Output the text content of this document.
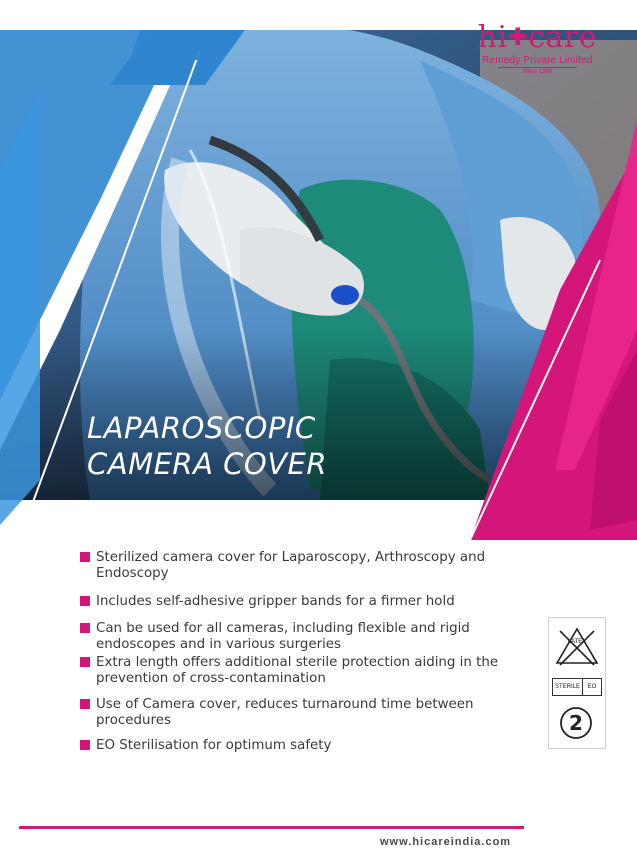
hi✚care
Remedy Private Limited
Since 1990
LAPAROSCOPIC
CAMERA COVER
Sterilized camera cover for Laparoscopy, Arthroscopy and Endoscopy
Includes self-adhesive gripper bands for a firmer hold
Can be used for all cameras, including flexible and rigid endoscopes and in various surgeries
Extra length offers additional sterile protection aiding in the prevention of cross-contamination
Use of Camera cover, reduces turnaround time between procedures
EO Sterilisation for optimum safety
LATEX
STERILE	EO
2
www.hicareindia.com
